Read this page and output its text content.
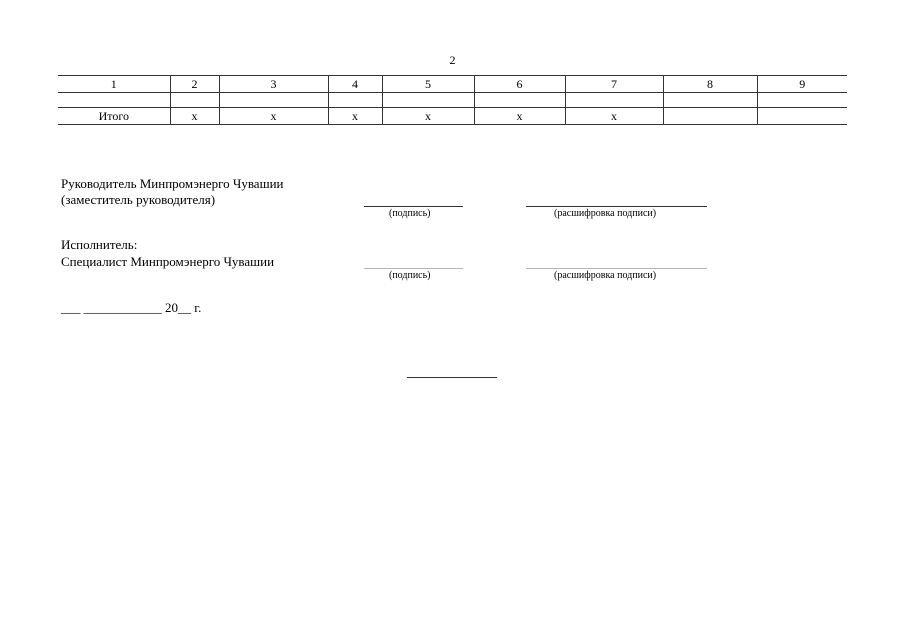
2
1	2	3	4	5	6	7	8	9

Итого	х	х	х	х	х	х		
Руководитель Минпромэнерго Чувашии
(заместитель руководителя)
(подпись)	(расшифровка подписи)
Исполнитель:
Специалист Минпромэнерго Чувашии
(подпись)	(расшифровка подписи)
___ ____________ 20__ г.
